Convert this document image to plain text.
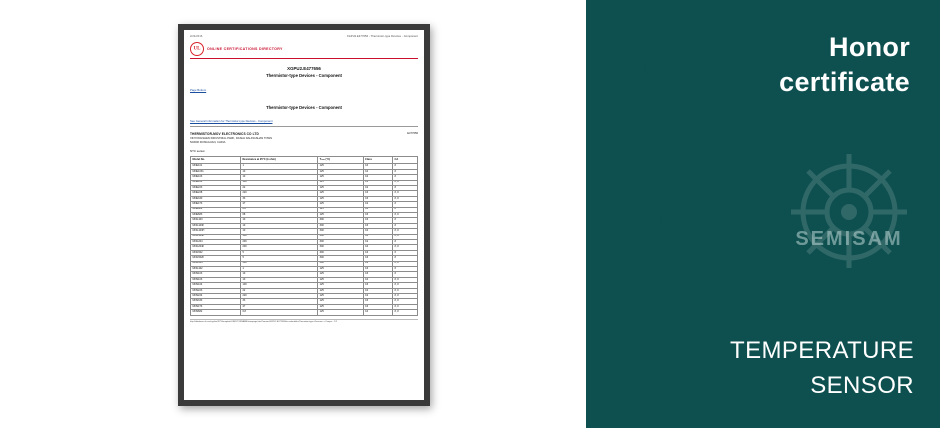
2/24/2016	XGPU2.E477656 - Thermistor-type Devices - Component
UL
ONLINE CERTIFICATIONS DIRECTORY
XGPU2.E477656
Thermistor-type Devices - Component
Page Bottom
Thermistor-type Devices - Component
See General Information for Thermistor-type Devices - Component
E477656
THERMISTOR-MOV ELECTRONICS CO LTD
XINYONGSHEN INDUSTRIAL PARK, DASHA DALINGSHAN TOWN
523000 DONGGUAN, CHINA
NTC series:
Model No.	Resistance at 25°C (k ohm)	Tₘₐₓ (°C)	Class	CA
MNE101	1	125	C4	#
MNE1031	10	125	C4	#
MNE103	10	125	C4	#
MNE104	100	125	C3	#, #
MNE223	22	125	C2	#
MNE228	220	125	C3	#, #
MNE330	33	125	C3	#, #
MNE473	47	125	C2	#
MNE682	6.8	125	C4	#
MNE683	68	125	C3	#, #
MNG103	10	300	C3	#
MNG103F	10	300	C3	#
MNG103H	10	300	C4	#, #
MNG104F	100	300	C4	#, #
MNG204	200	300	C2	#
MNG204F	200	300	C4	#, #
MNG502	5	300	C3	#
MNG502F	5	300	C3	#
MNG504	500	300	C2	#, #
MNG102	1	125	C3	#
MNS103	10	125	C3	#
MNS103	10	125	C4	#, #
MNS104	100	125	C3	#, #
MNS223	22	125	C4	#, #
MNS224	220	125	C2	#, #
MNS333	33	125	C3	#, #
MNS473	47	125	C3	#, #
MNS682	6.8	125	C4	#, #
http://database.ul.com/cgi-bin/XYV/template/LISEXT/1FRAME/showpage.html?name=XGPU2.E477656&ccnshorttitle=Thermistor-type+Devices+-+Compo... 1/2
Honor
certificate
SEMISAM
TEMPERATURE
SENSOR
